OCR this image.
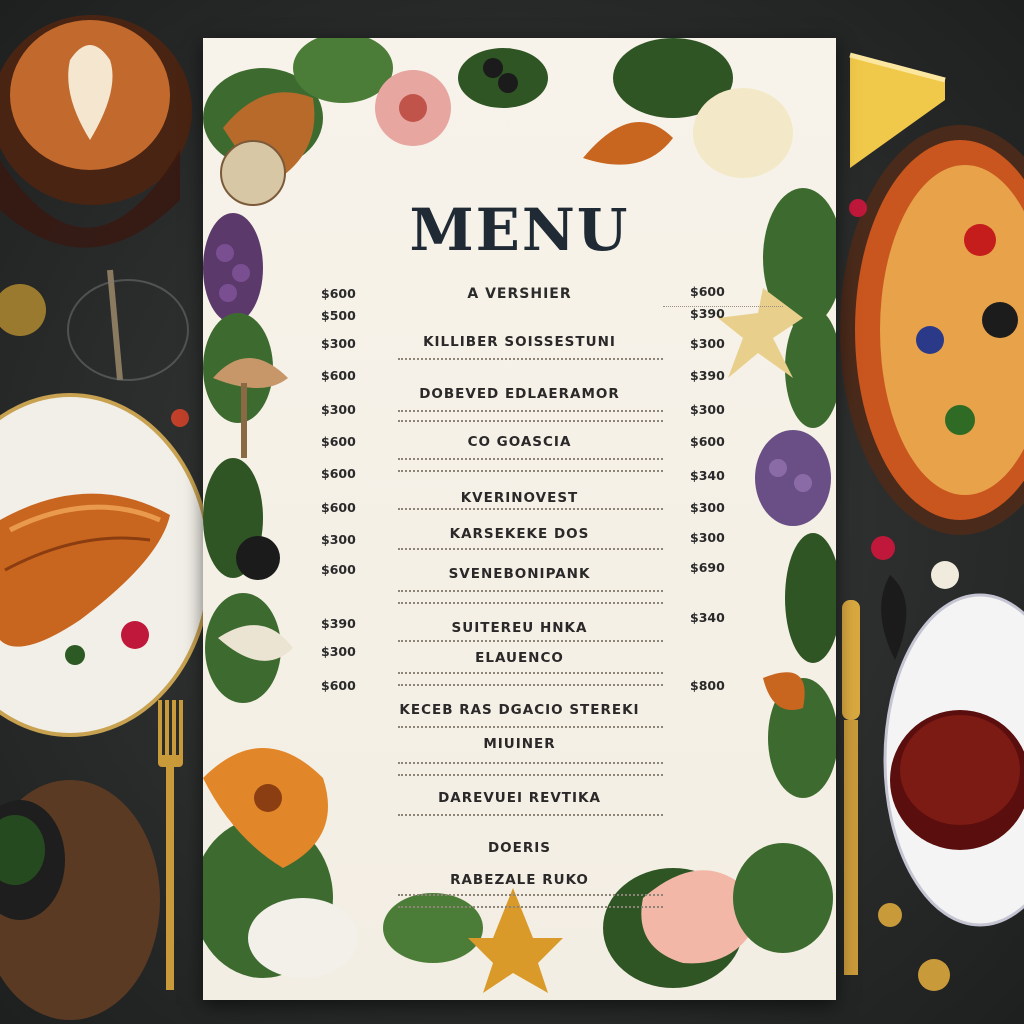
MENU
A VERSHIER
KILLIBER SOISSESTUNI
DOBEVED EDLAERAMOR
CO GOASCIA
KVERINOVEST
KARSEKEKE DOS
SVENEBONIPANK
SUITEREU HNKA
ELAUENCO
KECEB RAS DGACIO STEREKI
MIUINER
DAREVUEI REVTIKA
DOERIS
RABEZALE RUKO
$600
$500
$300
$600
$300
$600
$600
$600
$300
$600
$390
$300
$600
$600
$390
$300
$390
$300
$600
$340
$300
$300
$690
$340
$800
